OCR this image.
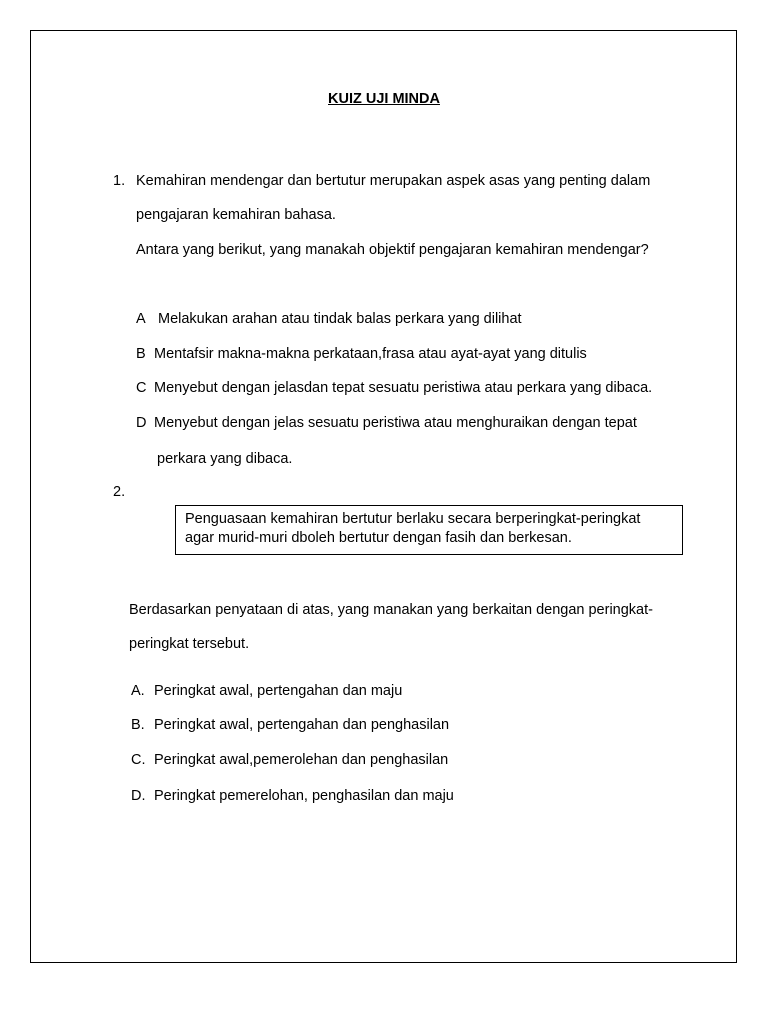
KUIZ UJI MINDA
1. Kemahiran mendengar dan bertutur merupakan aspek asas yang penting dalam
pengajaran kemahiran bahasa.
Antara yang berikut, yang manakah objektif pengajaran kemahiran mendengar?
A Melakukan arahan atau tindak balas perkara yang dilihat
B Mentafsir makna-makna perkataan,frasa atau ayat-ayat yang ditulis
C Menyebut dengan jelasdan tepat sesuatu peristiwa atau perkara yang dibaca.
D Menyebut dengan jelas sesuatu peristiwa atau menghuraikan dengan tepat
perkara yang dibaca.
2.
Penguasaan kemahiran bertutur berlaku secara berperingkat-peringkat
agar murid-muri dboleh bertutur dengan fasih dan berkesan.
Berdasarkan penyataan di atas, yang manakan yang berkaitan dengan peringkat-
peringkat tersebut.
A. Peringkat awal, pertengahan dan maju
B. Peringkat awal, pertengahan dan penghasilan
C. Peringkat awal,pemerolehan dan penghasilan
D. Peringkat pemerelohan, penghasilan dan maju
